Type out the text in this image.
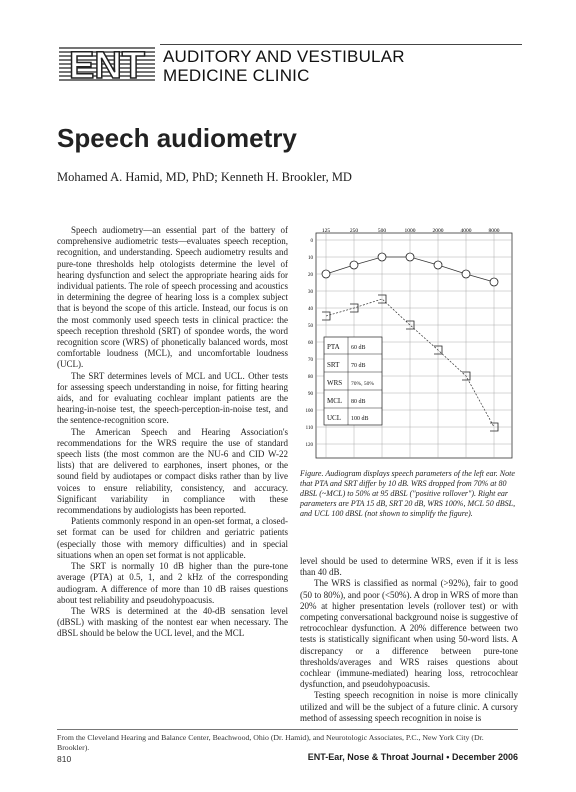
ENT AUDITORY AND VESTIBULAR
MEDICINE CLINIC
Speech audiometry
Mohamed A. Hamid, MD, PhD; Kenneth H. Brookler, MD

Speech audiometry—an essential part of the battery of comprehensive audiometric tests—evaluates speech reception, recognition, and understanding. Speech audiometry results and pure-tone thresholds help otologists determine the level of hearing dysfunction and select the appropriate hearing aids for individual patients. The role of speech processing and acoustics in determining the degree of hearing loss is a complex subject that is beyond the scope of this article. Instead, our focus is on the most commonly used speech tests in clinical practice: the speech reception threshold (SRT) of spondee words, the word recognition score (WRS) of phonetically balanced words, most comfortable loudness (MCL), and uncomfortable loudness (UCL).

The SRT determines levels of MCL and UCL. Other tests for assessing speech understanding in noise, for fitting hearing aids, and for evaluating cochlear implant patients are the hearing-in-noise test, the speech-perception-in-noise test, and the sentence-recognition score.

The American Speech and Hearing Association's recommendations for the WRS require the use of standard speech lists (the most common are the NU-6 and CID W-22 lists) that are delivered to earphones, insert phones, or the sound field by audiotapes or compact disks rather than by live voices to ensure reliability, consistency, and accuracy. Significant variability in compliance with these recommendations by audiologists has been reported.

Patients commonly respond in an open-set format, a closed-set format can be used for children and geriatric patients (especially those with memory difficulties) and in special situations when an open set format is not applicable.

The SRT is normally 10 dB higher than the pure-tone average (PTA) at 0.5, 1, and 2 kHz of the corresponding audiogram. A difference of more than 10 dB raises questions about test reliability and pseudohypoacusis.

The WRS is determined at the 40-dB sensation level (dBSL) with masking of the nontest ear when necessary. The dBSL should be below the UCL level, and the MCL

125	250	500	1000	2000	4000	8000
0
10
20
30
40
50
60
70
80
90
100
110
120
PTA 60 dB
SRT 70 dB
WRS 70%, 50%
MCL 80 dB
UCL 100 dB
Figure. Audiogram displays speech parameters of the left ear. Note that PTA and SRT differ by 10 dB. WRS dropped from 70% at 80 dBSL (~MCL) to 50% at 95 dBSL ("positive rollover"). Right ear parameters are PTA 15 dB, SRT 20 dB, WRS 100%, MCL 50 dBSL, and UCL 100 dBSL (not shown to simplify the figure).

level should be used to determine WRS, even if it is less than 40 dB.

The WRS is classified as normal (>92%), fair to good (50 to 80%), and poor (<50%). A drop in WRS of more than 20% at higher presentation levels (rollover test) or with competing conversational background noise is suggestive of retrocochlear dysfunction. A 20% difference between two tests is statistically significant when using 50-word lists. A discrepancy or a difference between pure-tone thresholds/averages and WRS raises questions about cochlear (immune-mediated) hearing loss, retrocochlear dysfunction, and pseudohypoacusis.

Testing speech recognition in noise is more clinically utilized and will be the subject of a future clinic. A cursory method of assessing speech recognition in noise is

From the Cleveland Hearing and Balance Center, Beachwood, Ohio (Dr. Hamid), and Neurotologic Associates, P.C., New York City (Dr. Brookler).
810	ENT-Ear, Nose & Throat Journal • December 2006
